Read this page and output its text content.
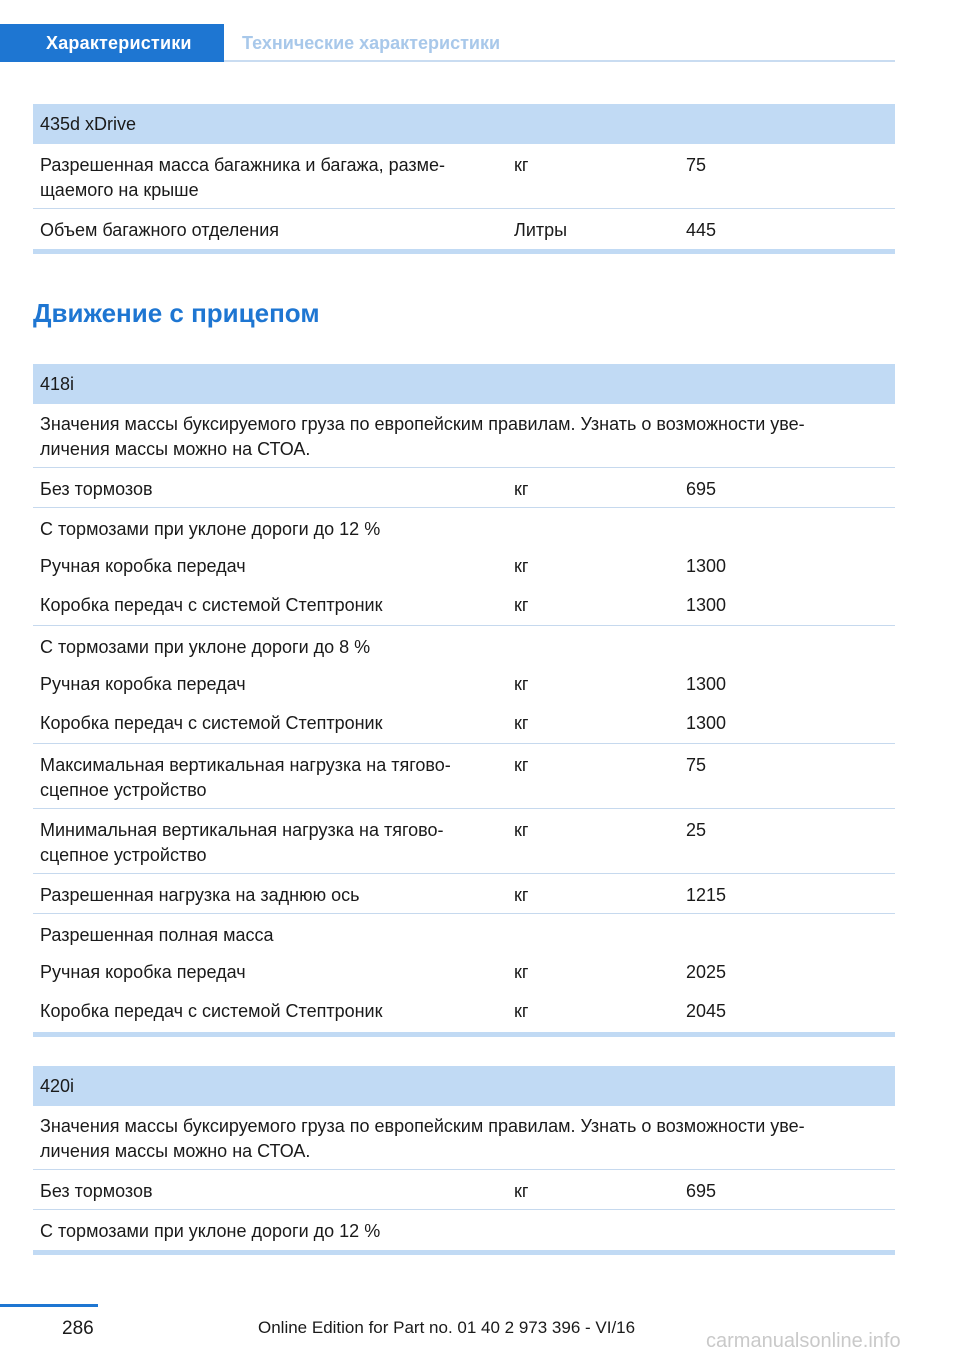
Характеристики	Технические характеристики
435d xDrive
Разрешенная масса багажника и багажа, разме-
щаемого на крыше
кг	75
Объем багажного отделения	Литры	445
Движение с прицепом
418i
Значения массы буксируемого груза по европейским правилам. Узнать о возможности уве-
личения массы можно на СТОА.
Без тормозов	кг	695
С тормозами при уклоне дороги до 12 %
Ручная коробка передач	кг	1300
Коробка передач с системой Стептроник	кг	1300
С тормозами при уклоне дороги до 8 %
Ручная коробка передач	кг	1300
Коробка передач с системой Стептроник	кг	1300
Максимальная вертикальная нагрузка на тягово-
сцепное устройство
кг	75
Минимальная вертикальная нагрузка на тягово-
сцепное устройство
кг	25
Разрешенная нагрузка на заднюю ось	кг	1215
Разрешенная полная масса
Ручная коробка передач	кг	2025
Коробка передач с системой Стептроник	кг	2045
420i
Значения массы буксируемого груза по европейским правилам. Узнать о возможности уве-
личения массы можно на СТОА.
Без тормозов	кг	695
С тормозами при уклоне дороги до 12 %
286	Online Edition for Part no. 01 40 2 973 396 - VI/16
carmanualsonline.info
